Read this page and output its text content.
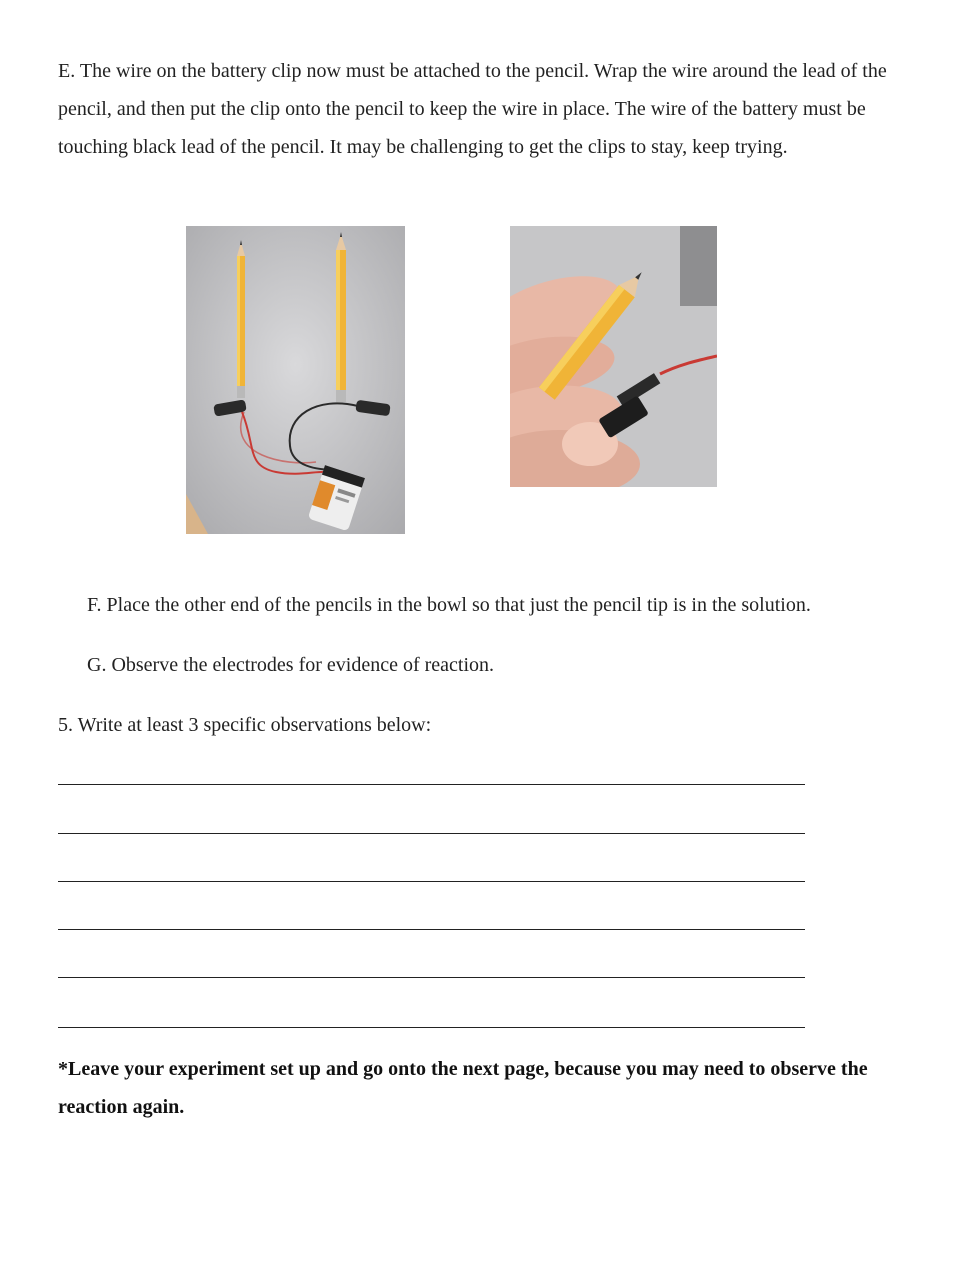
E. The wire on the battery clip now must be attached to the pencil. Wrap the wire around the lead of the pencil, and then put the clip onto the pencil to keep the wire in place. The wire of the battery must be touching black lead of the pencil. It may be challenging to get the clips to stay, keep trying.

F. Place the other end of the pencils in the bowl so that just the pencil tip is in the solution.

G. Observe the electrodes for evidence of reaction.

5. Write at least 3 specific observations below:

*Leave your experiment set up and go onto the next page, because you may need to observe the reaction again.
